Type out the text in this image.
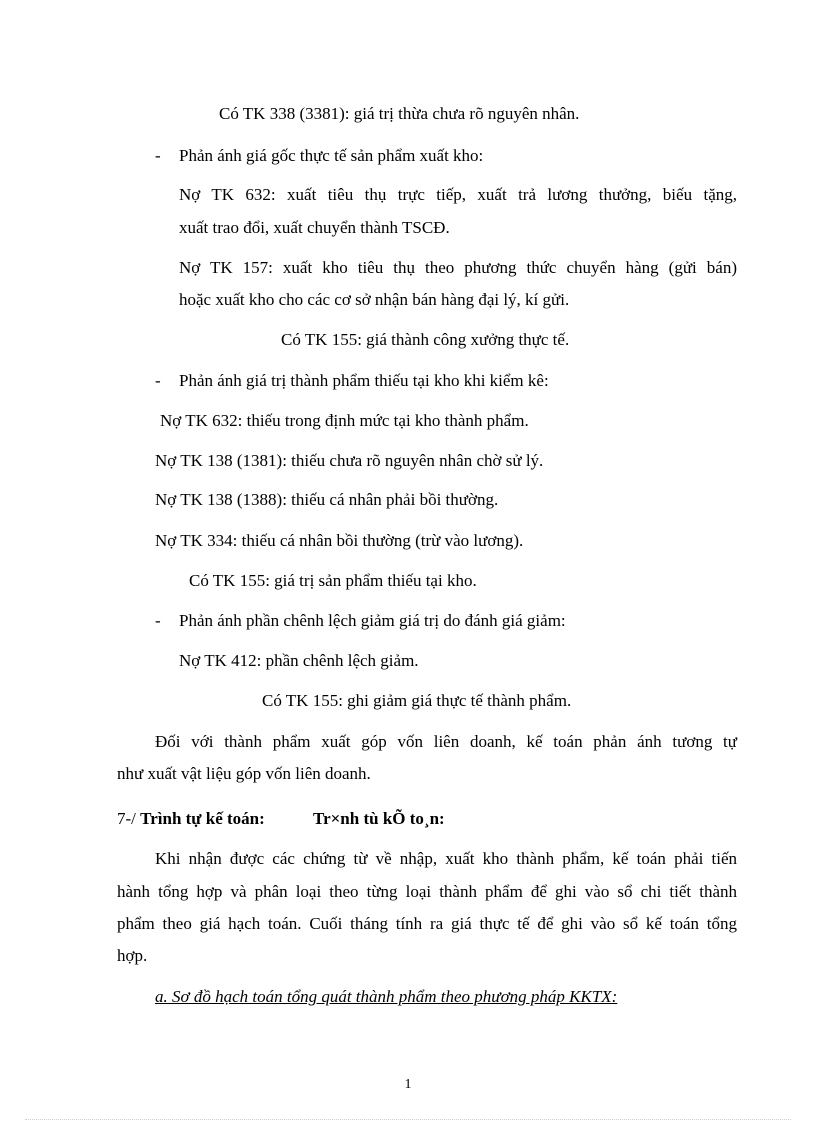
Có TK 338 (3381): giá trị thừa chưa rõ nguyên nhân.

- Phản ánh giá gốc thực tế sản phẩm xuất kho:

Nợ TK 632: xuất tiêu thụ trực tiếp, xuất trả lương thưởng, biếu tặng,

xuất trao đổi, xuất chuyển thành TSCĐ.

Nợ TK 157: xuất kho tiêu thụ theo phương thức chuyển hàng (gửi bán)

hoặc xuất kho cho các cơ sở nhận bán hàng đại lý, kí gửi.

Có TK 155: giá thành công xưởng thực tế.

- Phản ánh giá trị thành phẩm thiếu tại kho khi kiểm kê:

Nợ TK 632: thiếu trong định mức tại kho thành phẩm.

Nợ TK 138 (1381): thiếu chưa rõ nguyên nhân chờ sử lý.

Nợ TK 138 (1388): thiếu cá nhân phải bồi thường.

Nợ TK 334: thiếu cá nhân bồi thường (trừ vào lương).

Có TK 155: giá trị sản phẩm thiếu tại kho.

- Phản ánh phần chênh lệch giảm giá trị do đánh giá giảm:

Nợ TK 412: phần chênh lệch giảm.

Có TK 155: ghi giảm giá thực tế thành phẩm.

Đối với thành phẩm xuất góp vốn liên doanh, kế toán phản ánh tương tự

như xuất vật liệu góp vốn liên doanh.

7-/ Trình tự kế toán:	Tr×nh tù kÕ to¸n:

Khi nhận được các chứng từ về nhập, xuất kho thành phẩm, kế toán phải tiến

hành tổng hợp và phân loại theo từng loại thành phẩm để ghi vào sổ chi tiết thành

phẩm theo giá hạch toán. Cuối tháng tính ra giá thực tế để ghi vào sổ kế toán tổng

hợp.

a. Sơ đồ hạch toán tổng quát thành phẩm theo phương pháp KKTX:

1
